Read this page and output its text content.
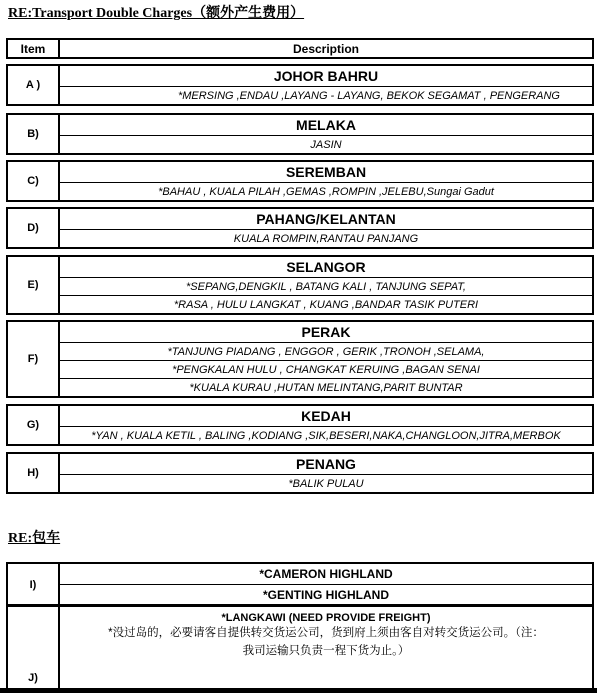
RE:Transport Double Charges（额外产生费用）
Item	Description
A )	JOHOR BAHRU
*MERSING ,ENDAU ,LAYANG - LAYANG, BEKOK SEGAMAT , PENGERANG
B)	MELAKA
JASIN
C)	SEREMBAN
*BAHAU , KUALA PILAH ,GEMAS ,ROMPIN ,JELEBU,Sungai Gadut
D)	PAHANG/KELANTAN
KUALA ROMPIN,RANTAU PANJANG
E)	SELANGOR
*SEPANG,DENGKIL , BATANG KALI , TANJUNG SEPAT,
*RASA , HULU LANGKAT , KUANG ,BANDAR TASIK PUTERI
F)	PERAK
*TANJUNG PIADANG , ENGGOR , GERIK ,TRONOH ,SELAMA,
*PENGKALAN HULU , CHANGKAT KERUING ,BAGAN SENAI
*KUALA KURAU ,HUTAN MELINTANG,PARIT BUNTAR
G)	KEDAH
*YAN , KUALA KETIL , BALING ,KODIANG ,SIK,BESERI,NAKA,CHANGLOON,JITRA,MERBOK
H)	PENANG
*BALIK PULAU
RE:包车
I)	*CAMERON HIGHLAND
*GENTING HIGHLAND
J)	*LANGKAWI (NEED PROVIDE FREIGHT)

*没过岛的，必要请客自提供转交货运公司，货到府上须由客自对转交货运公司。（注：
我司运输只负责一程下货为止。）
